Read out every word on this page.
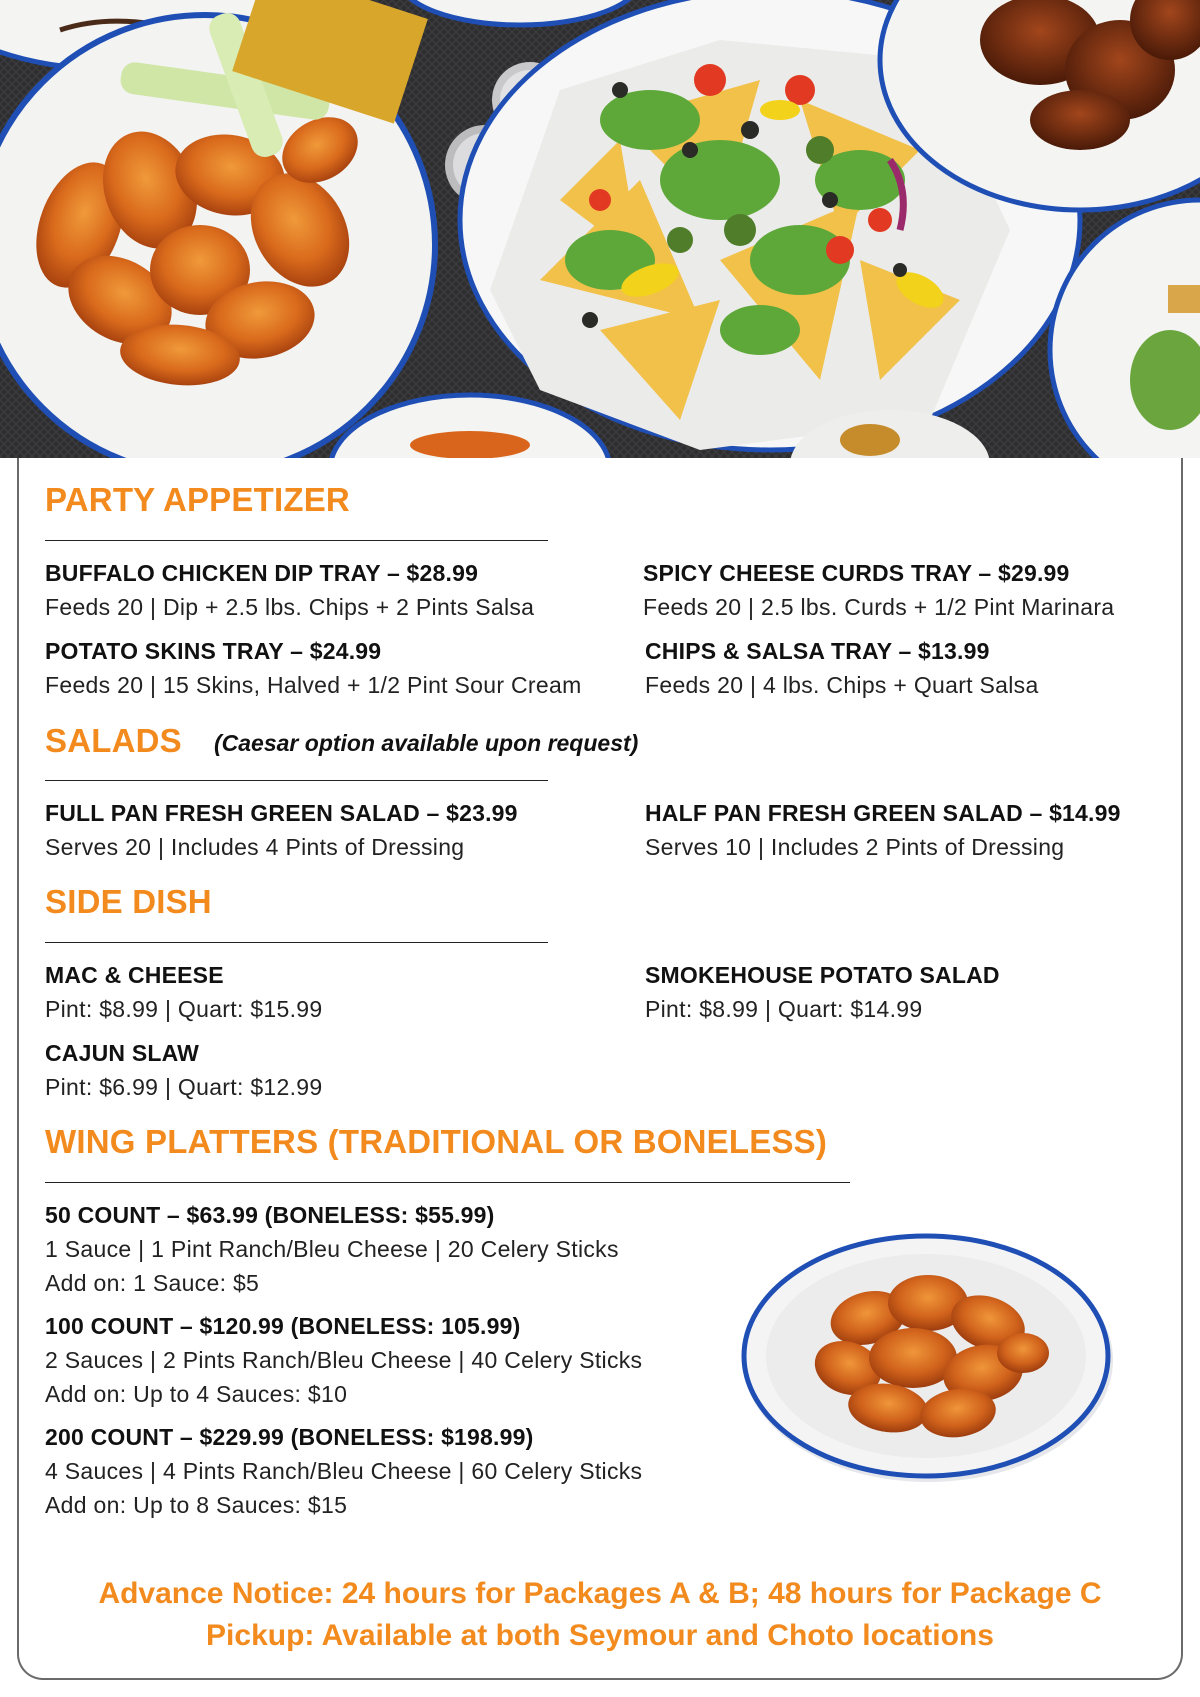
PARTY APPETIZER
BUFFALO CHICKEN DIP TRAY – $28.99
Feeds 20 | Dip + 2.5 lbs. Chips + 2 Pints Salsa
SPICY CHEESE CURDS TRAY – $29.99
Feeds 20 | 2.5 lbs. Curds + 1/2 Pint Marinara
POTATO SKINS TRAY – $24.99
Feeds 20 | 15 Skins, Halved + 1/2 Pint Sour Cream
CHIPS & SALSA TRAY – $13.99
Feeds 20 | 4 lbs. Chips + Quart Salsa
SALADS (Caesar option available upon request)
FULL PAN FRESH GREEN SALAD – $23.99
Serves 20 | Includes 4 Pints of Dressing
HALF PAN FRESH GREEN SALAD – $14.99
Serves 10 | Includes 2 Pints of Dressing
SIDE DISH
MAC & CHEESE
Pint: $8.99 | Quart: $15.99
SMOKEHOUSE POTATO SALAD
Pint: $8.99 | Quart: $14.99
CAJUN SLAW
Pint: $6.99 | Quart: $12.99
WING PLATTERS (TRADITIONAL OR BONELESS)
50 COUNT – $63.99 (BONELESS: $55.99)
1 Sauce | 1 Pint Ranch/Bleu Cheese | 20 Celery Sticks
Add on: 1 Sauce: $5
100 COUNT – $120.99 (BONELESS: 105.99)
2 Sauces | 2 Pints Ranch/Bleu Cheese | 40 Celery Sticks
Add on: Up to 4 Sauces: $10
200 COUNT – $229.99 (BONELESS: $198.99)
4 Sauces | 4 Pints Ranch/Bleu Cheese | 60 Celery Sticks
Add on: Up to 8 Sauces: $15
Advance Notice: 24 hours for Packages A & B; 48 hours for Package C
Pickup: Available at both Seymour and Choto locations
